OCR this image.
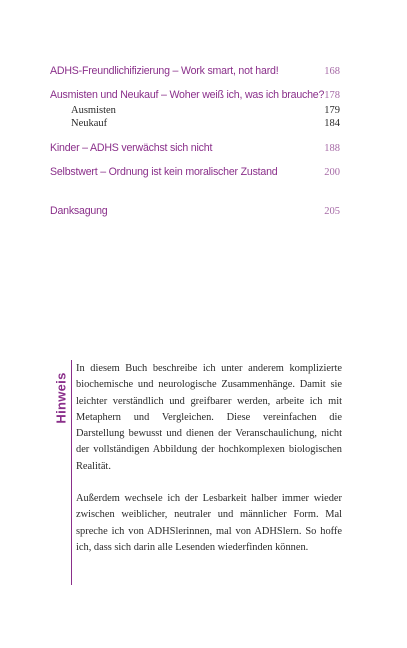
ADHS-Freundlichifizierung – Work smart, not hard!	168
Ausmisten und Neukauf – Woher weiß ich, was ich brauche? 178
Ausmisten	179
Neukauf	184
Kinder – ADHS verwächst sich nicht	188
Selbstwert – Ordnung ist kein moralischer Zustand	200
Danksagung	205
Hinweis

In diesem Buch beschreibe ich unter anderem komplizierte biochemische und neurologische Zusammenhänge. Damit sie leichter verständlich und greifbarer werden, arbeite ich mit Metaphern und Vergleichen. Diese vereinfachen die Darstellung bewusst und dienen der Veranschaulichung, nicht der vollständigen Abbildung der hochkomplexen biologischen Realität.

Außerdem wechsele ich der Lesbarkeit halber immer wieder zwischen weiblicher, neutraler und männlicher Form. Mal spreche ich von ADHSlerinnen, mal von ADHSlern. So hoffe ich, dass sich darin alle Lesenden wiederfinden können.
